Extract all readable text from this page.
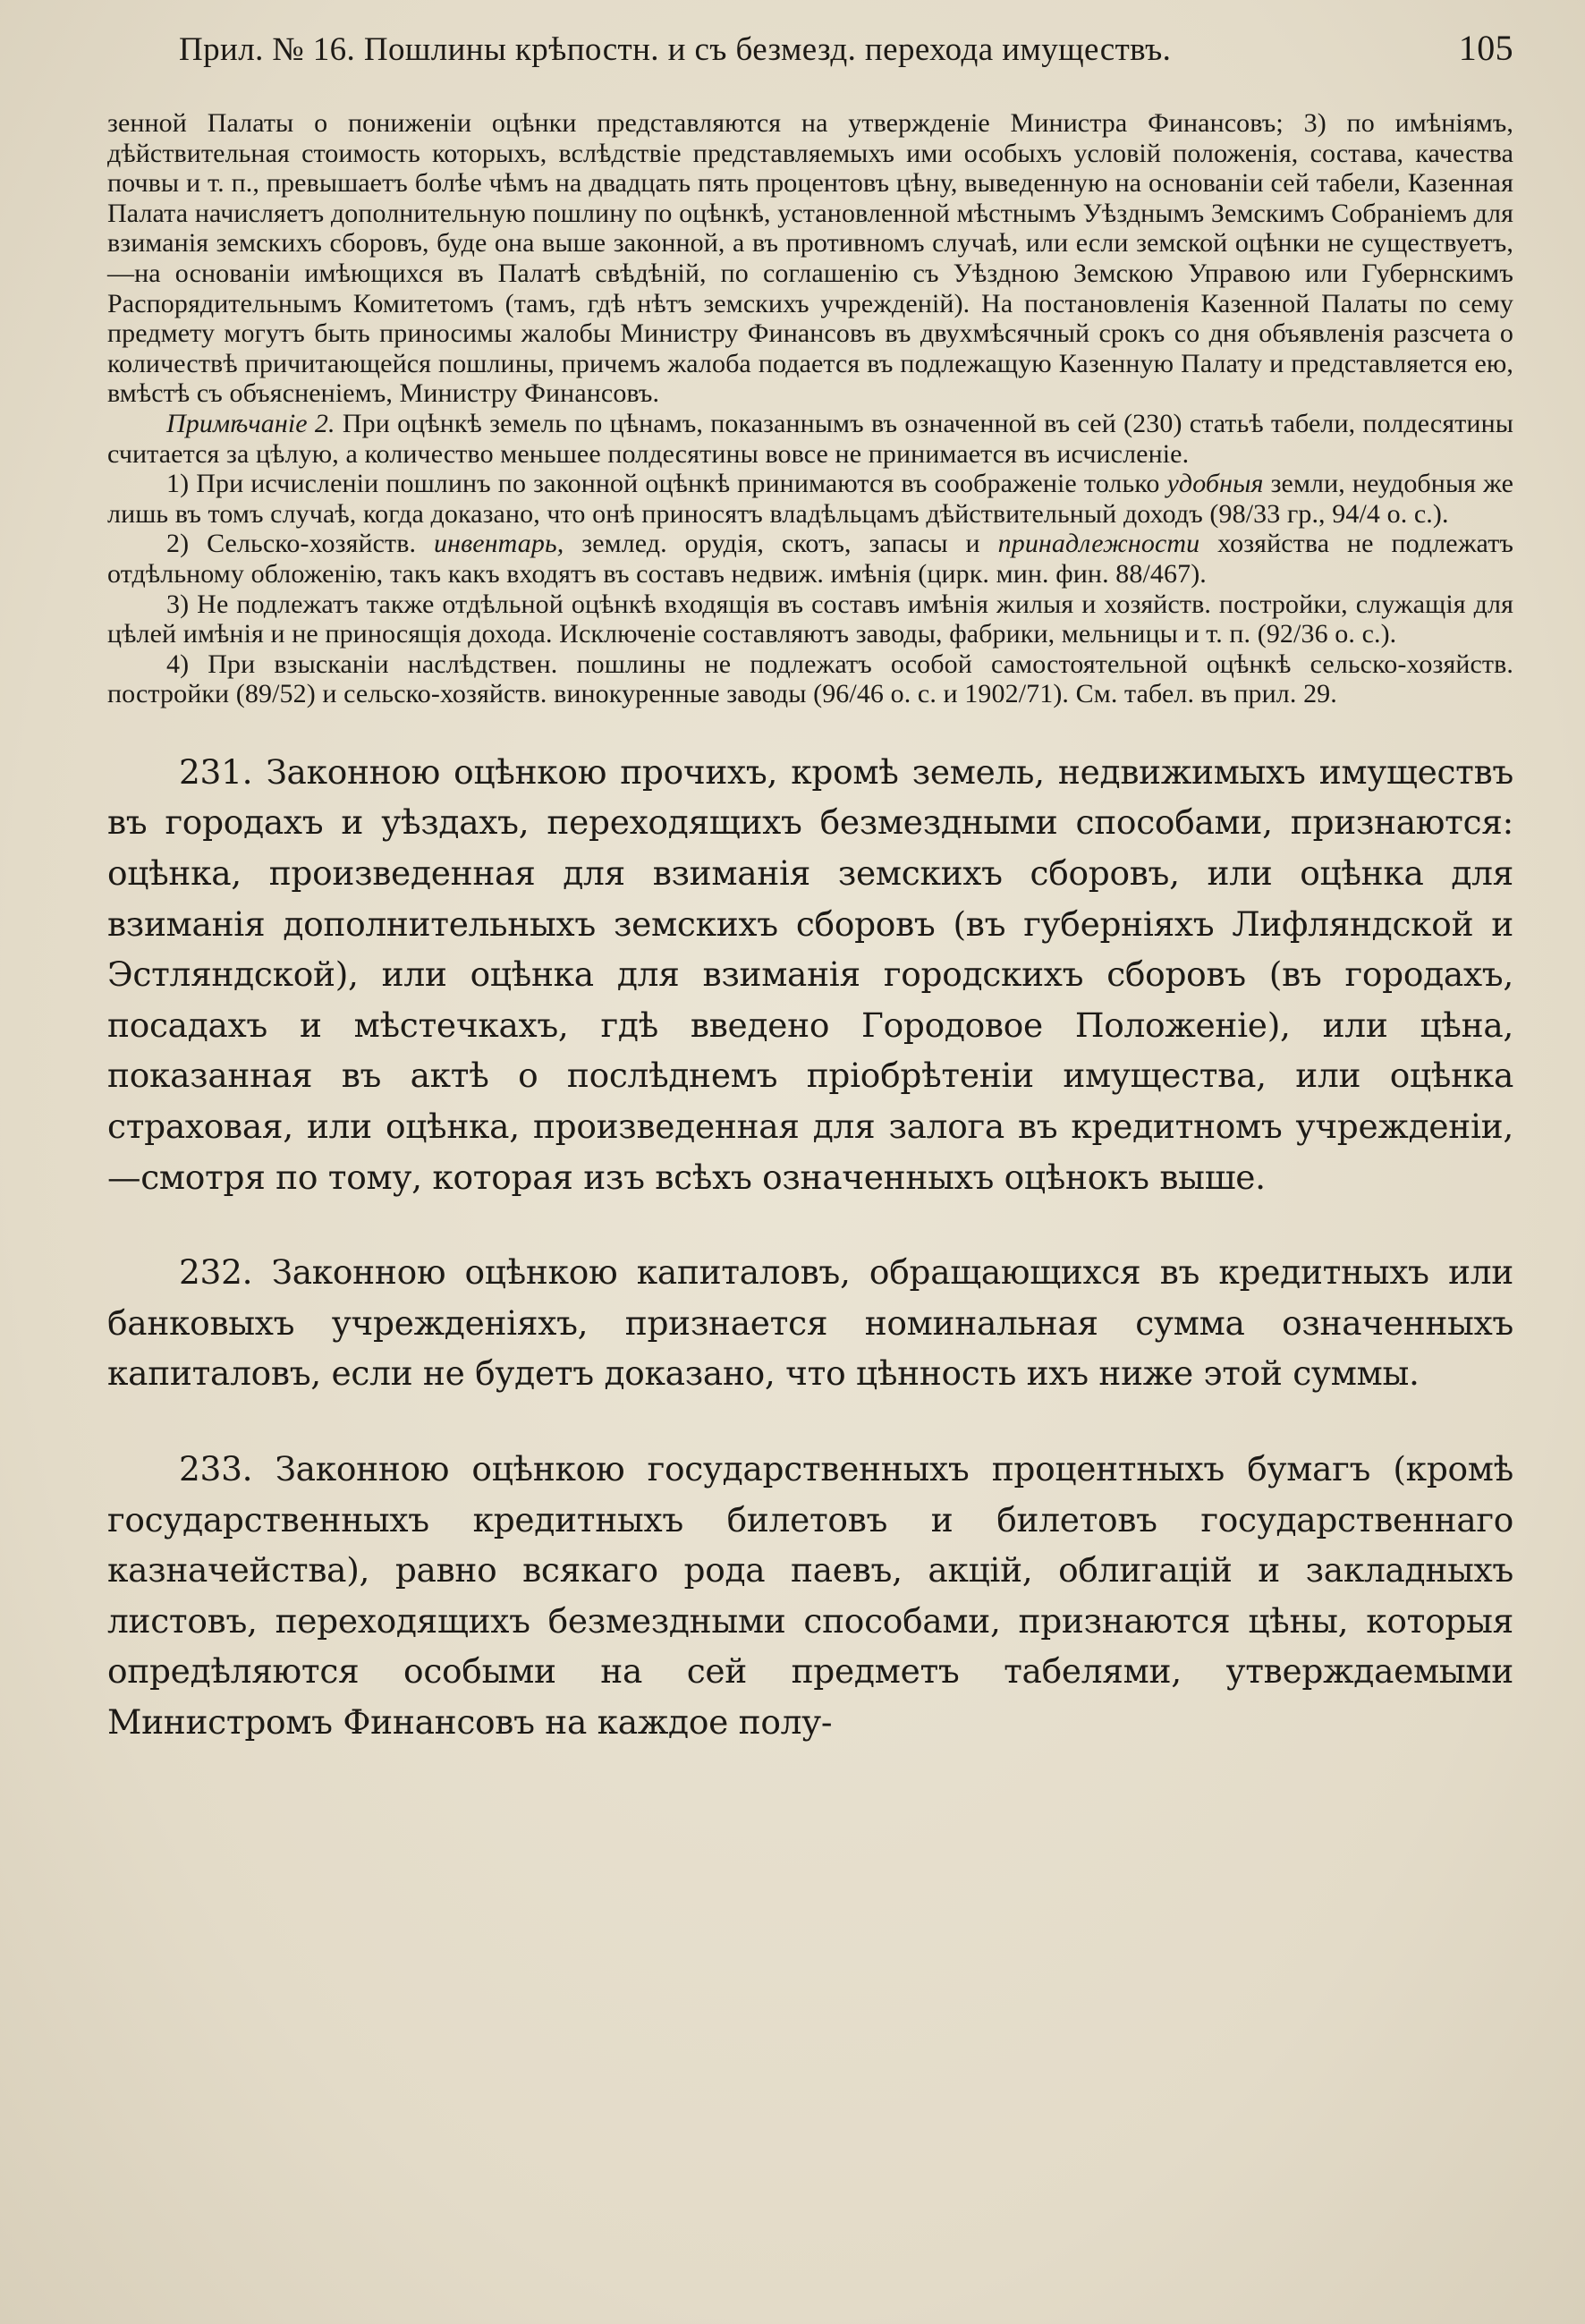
Прил. № 16. Пошлины крѣпостн. и съ безмезд. перехода имуществъ.	105

зенной Палаты о пониженіи оцѣнки представляются на утвержденіе Министра Финансовъ; 3) по имѣніямъ, дѣйствительная стоимость которыхъ, вслѣдствіе представляемыхъ ими особыхъ условій положенія, состава, качества почвы и т. п., превышаетъ болѣе чѣмъ на двадцать пять процентовъ цѣну, выведенную на основаніи сей табели, Казенная Палата начисляетъ дополнительную пошлину по оцѣнкѣ, установленной мѣстнымъ Уѣзднымъ Земскимъ Собраніемъ для взиманія земскихъ сборовъ, буде она выше законной, а въ противномъ случаѣ, или если земской оцѣнки не существуетъ,—на основаніи имѣющихся въ Палатѣ свѣдѣній, по соглашенію съ Уѣздною Земскою Управою или Губернскимъ Распорядительнымъ Комитетомъ (тамъ, гдѣ нѣтъ земскихъ учрежденій). На постановленія Казенной Палаты по сему предмету могутъ быть приносимы жалобы Министру Финансовъ въ двухмѣсячный срокъ со дня объявленія разсчета о количествѣ причитающейся пошлины, причемъ жалоба подается въ подлежащую Казенную Палату и представляется ею, вмѣстѣ съ объясненіемъ, Министру Финансовъ.

Примѣчаніе 2. При оцѣнкѣ земель по цѣнамъ, показаннымъ въ означенной въ сей (230) статьѣ табели, полдесятины считается за цѣлую, а количество меньшее полдесятины вовсе не принимается въ исчисленіе.

1) При исчисленіи пошлинъ по законной оцѣнкѣ принимаются въ соображеніе только удобныя земли, неудобныя же лишь въ томъ случаѣ, когда доказано, что онѣ приносятъ владѣльцамъ дѣйствительный доходъ (98/33 гр., 94/4 о. с.).

2) Сельско-хозяйств. инвентарь, землед. орудія, скотъ, запасы и принадлежности хозяйства не подлежатъ отдѣльному обложенію, такъ какъ входятъ въ составъ недвиж. имѣнія (цирк. мин. фин. 88/467).

3) Не подлежатъ также отдѣльной оцѣнкѣ входящія въ составъ имѣнія жилыя и хозяйств. постройки, служащія для цѣлей имѣнія и не приносящія дохода. Исключеніе составляютъ заводы, фабрики, мельницы и т. п. (92/36 о. с.).

4) При взысканіи наслѣдствен. пошлины не подлежатъ особой самостоятельной оцѣнкѣ сельско-хозяйств. постройки (89/52) и сельско-хозяйств. винокуренные заводы (96/46 о. с. и 1902/71). См. табел. въ прил. 29.

231. Законною оцѣнкою прочихъ, кромѣ земель, недвижимыхъ имуществъ въ городахъ и уѣздахъ, переходящихъ безмездными способами, признаются: оцѣнка, произведенная для взиманія земскихъ сборовъ, или оцѣнка для взиманія дополнительныхъ земскихъ сборовъ (въ губерніяхъ Лифляндской и Эстляндской), или оцѣнка для взиманія городскихъ сборовъ (въ городахъ, посадахъ и мѣстечкахъ, гдѣ введено Городовое Положеніе), или цѣна, показанная въ актѣ о послѣднемъ пріобрѣтеніи имущества, или оцѣнка страховая, или оцѣнка, произведенная для залога въ кредитномъ учрежденіи,—смотря по тому, которая изъ всѣхъ означенныхъ оцѣнокъ выше.

232. Законною оцѣнкою капиталовъ, обращающихся въ кредитныхъ или банковыхъ учрежденіяхъ, признается номинальная сумма означенныхъ капиталовъ, если не будетъ доказано, что цѣнность ихъ ниже этой суммы.

233. Законною оцѣнкою государственныхъ процентныхъ бумагъ (кромѣ государственныхъ кредитныхъ билетовъ и билетовъ государственнаго казначейства), равно всякаго рода паевъ, акцій, облигацій и закладныхъ листовъ, переходящихъ безмездными способами, признаются цѣны, которыя опредѣляются особыми на сей предметъ табелями, утверждаемыми Министромъ Финансовъ на каждое полу-
